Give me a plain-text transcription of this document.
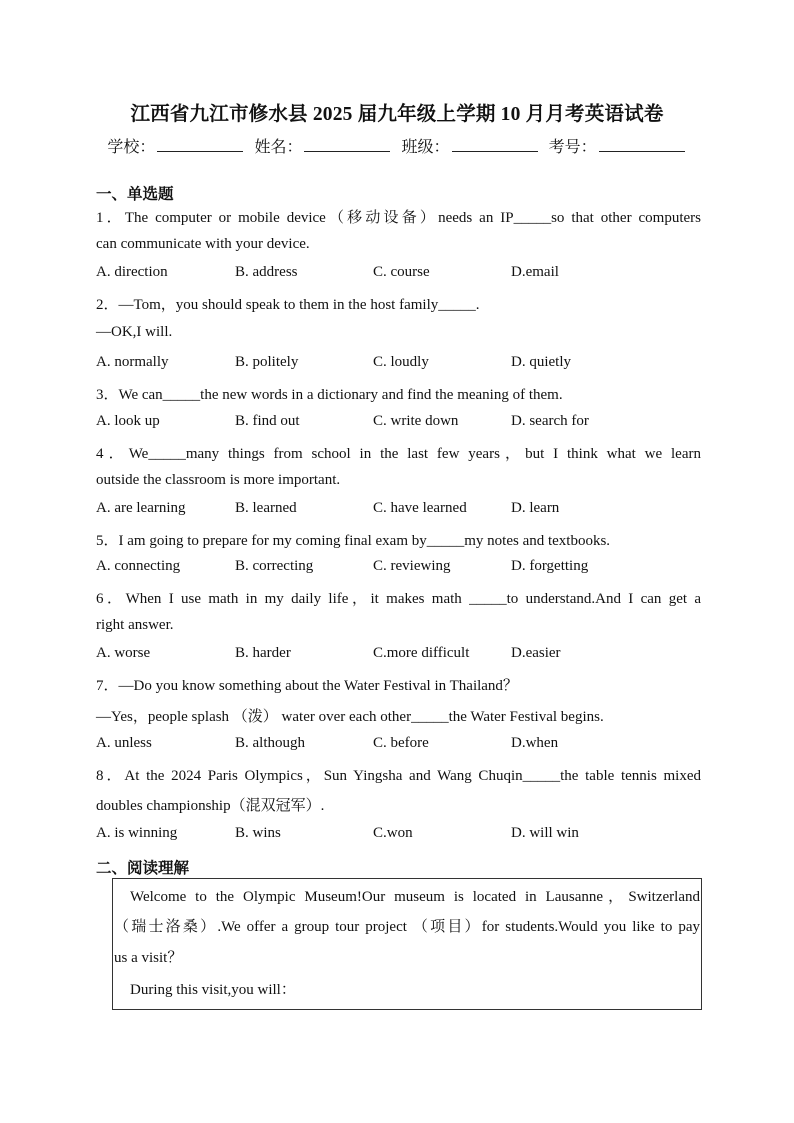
江西省九江市修水县 2025 届九年级上学期 10 月月考英语试卷
学校：	姓名：	班级：	考号：
一、单选题
1．The computer or mobile device（移动设备）needs an IP_____so that other computers
can communicate with your device.
A. direction	B. address	C. course	D.email
2．—Tom，you should speak to them in the host family_____.
—OK,I will.
A. normally	B. politely	C. loudly	D. quietly
3．We can_____the new words in a dictionary and find the meaning of them.
A. look up	B. find out	C. write down	D. search for
4．We_____many things from school in the last few years，but I think what we learn
outside the classroom is more important.
A. are learning	B. learned	C. have learned	D. learn
5．I am going to prepare for my coming final exam by_____my notes and textbooks.
A. connecting	B. correcting	C. reviewing	D. forgetting
6．When I use math in my daily life，it makes math _____to understand.And I can get a
right answer.
A. worse	B. harder	C.more difficult	D.easier
7．—Do you know something about the Water Festival in Thailand？
—Yes，people splash （泼） water over each other_____the Water Festival begins.
A. unless	B. although	C. before	D.when
8．At the 2024 Paris Olympics，Sun Yingsha and Wang Chuqin_____the table tennis mixed
doubles championship（混双冠军）.
A. is winning	B. wins	C.won	D. will win
二、阅读理解
Welcome to the Olympic Museum!Our museum is located in Lausanne，Switzerland
（瑞士洛桑）.We offer a group tour project （项目）for students.Would you like to pay
us a visit？
During this visit,you will：
